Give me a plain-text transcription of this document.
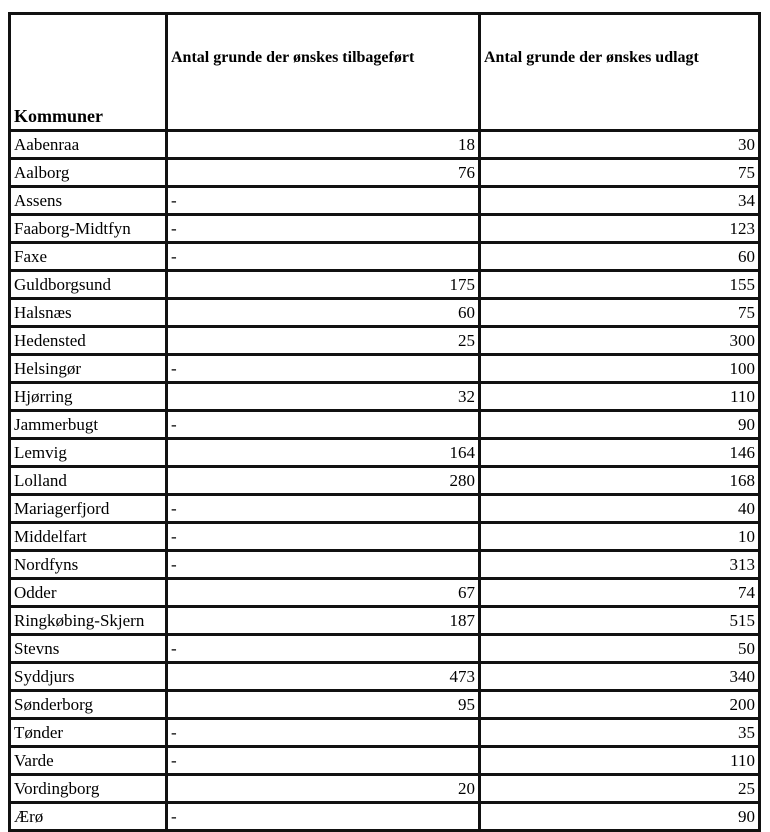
Kommuner	Antal grunde der ønskes tilbageført	Antal grunde der ønskes udlagt
Aabenraa	18	30
Aalborg	76	75
Assens	-	34
Faaborg-Midtfyn	-	123
Faxe	-	60
Guldborgsund	175	155
Halsnæs	60	75
Hedensted	25	300
Helsingør	-	100
Hjørring	32	110
Jammerbugt	-	90
Lemvig	164	146
Lolland	280	168
Mariagerfjord	-	40
Middelfart	-	10
Nordfyns	-	313
Odder	67	74
Ringkøbing-Skjern	187	515
Stevns	-	50
Syddjurs	473	340
Sønderborg	95	200
Tønder	-	35
Varde	-	110
Vordingborg	20	25
Ærø	-	90
